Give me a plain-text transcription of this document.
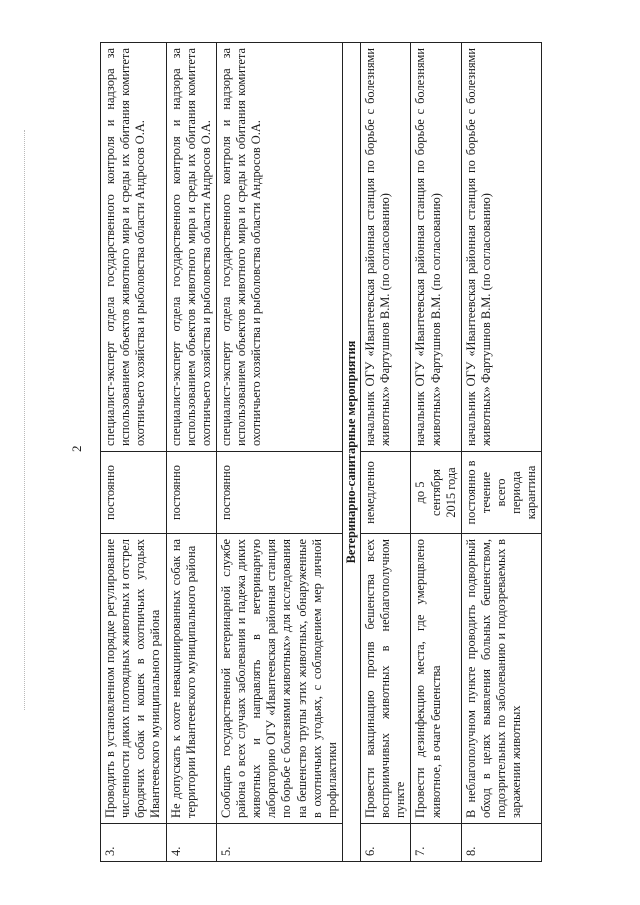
2
3.	Проводить в установленном порядке регулирование численности диких плотоядных животных и отстрел бродячих собак и кошек в охотничьих угодьях Ивантеевского муниципального района	постоянно	специалист-эксперт отдела государственного контроля и надзора за использованием объектов животного мира и среды их обитания комитета охотничьего хозяйства и рыболовства области Андросов О.А.
4.	Не допускать к охоте невакцинированных собак на территории Ивантеевского муниципального района	постоянно	специалист-эксперт отдела государственного контроля и надзора за использованием объектов животного мира и среды их обитания комитета охотничьего хозяйства и рыболовства области Андросов О.А.
5.	Сообщать государственной ветеринарной службе района о всех случаях заболевания и падежа диких животных и направлять в ветеринарную лабораторию ОГУ «Ивантеевская районная станция по борьбе с болезнями животных» для исследования на бешенство трупы этих животных, обнаруженные в охотничьих угодьях, с соблюдением мер личной профилактики	постоянно	специалист-эксперт отдела государственного контроля и надзора за использованием объектов животного мира и среды их обитания комитета охотничьего хозяйства и рыболовства области Андросов О.А.
Ветеринарно-санитарные мероприятия			
6.	Провести вакцинацию против бешенства всех восприимчивых животных в неблагополучном пункте	немедленно	начальник ОГУ «Ивантеевская районная станция по борьбе с болезнями животных» Фартушнов В.М. (по согласованию)
7.	Провести дезинфекцию места, где умерщвлено животное, в очаге бешенства	до 5 сентября 2015 года	начальник ОГУ «Ивантеевская районная станция по борьбе с болезнями животных» Фартушнов В.М. (по согласованию)
8.	В неблагополучном пункте проводить подворный обход в целях выявления больных бешенством, подозрительных по заболеванию и подозреваемых в заражении животных	постоянно в течение всего периода карантина	начальник ОГУ «Ивантеевская районная станция по борьбе с болезнями животных» Фартушнов В.М. (по согласованию)
